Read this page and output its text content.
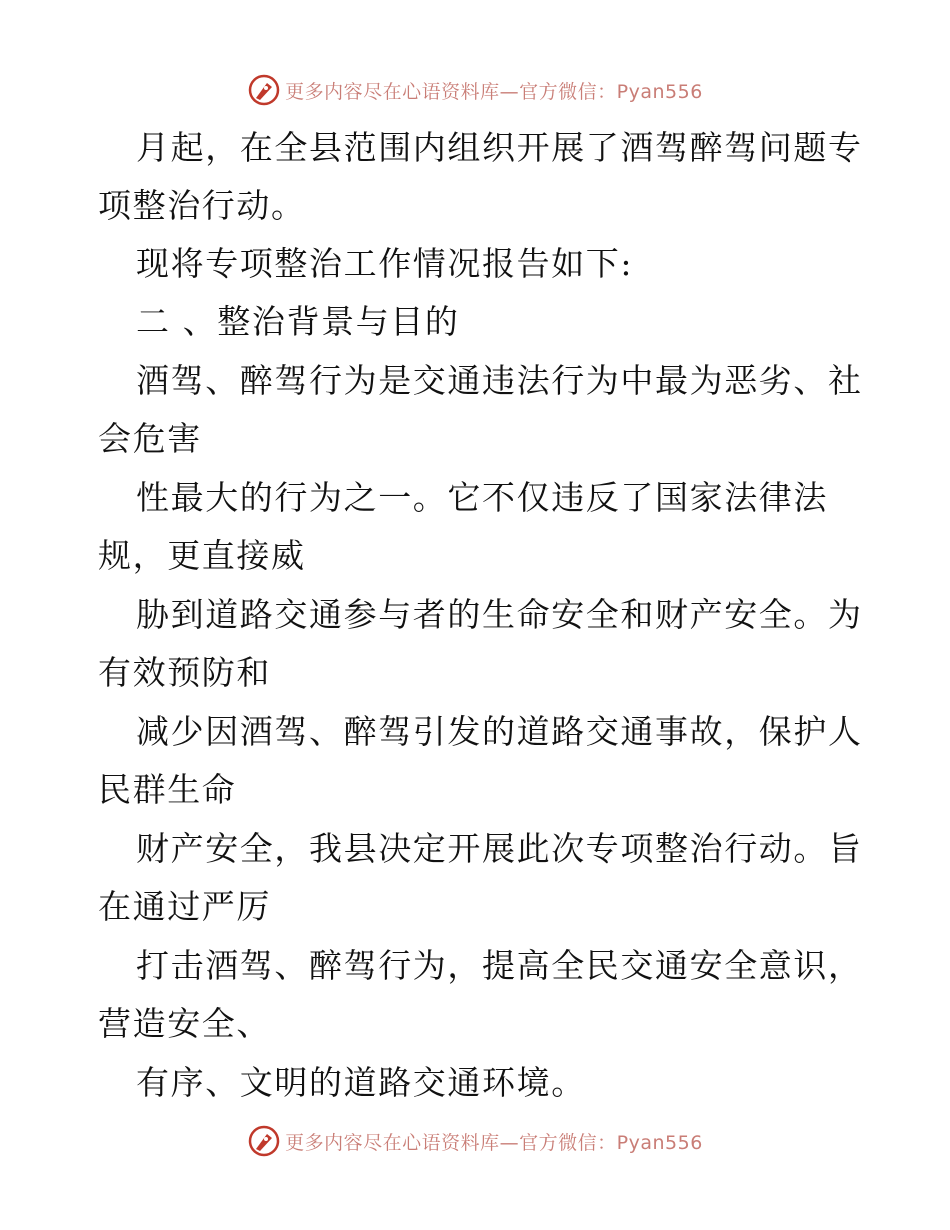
更多内容尽在心语资料库—官方微信：Pyan556
月起，在全县范围内组织开展了酒驾醉驾问题专
项整治行动。
现将专项整治工作情况报告如下:
二 、整治背景与目的
酒驾、醉驾行为是交通违法行为中最为恶劣、社
会危害
性最大的行为之一。它不仅违反了国家法律法
规，更直接威
胁到道路交通参与者的生命安全和财产安全。为
有效预防和
减少因酒驾、醉驾引发的道路交通事故，保护人
民群生命
财产安全，我县决定开展此次专项整治行动。旨
在通过严厉
打击酒驾、醉驾行为，提高全民交通安全意识，
营造安全、
有序、文明的道路交通环境。
更多内容尽在心语资料库—官方微信：Pyan556
